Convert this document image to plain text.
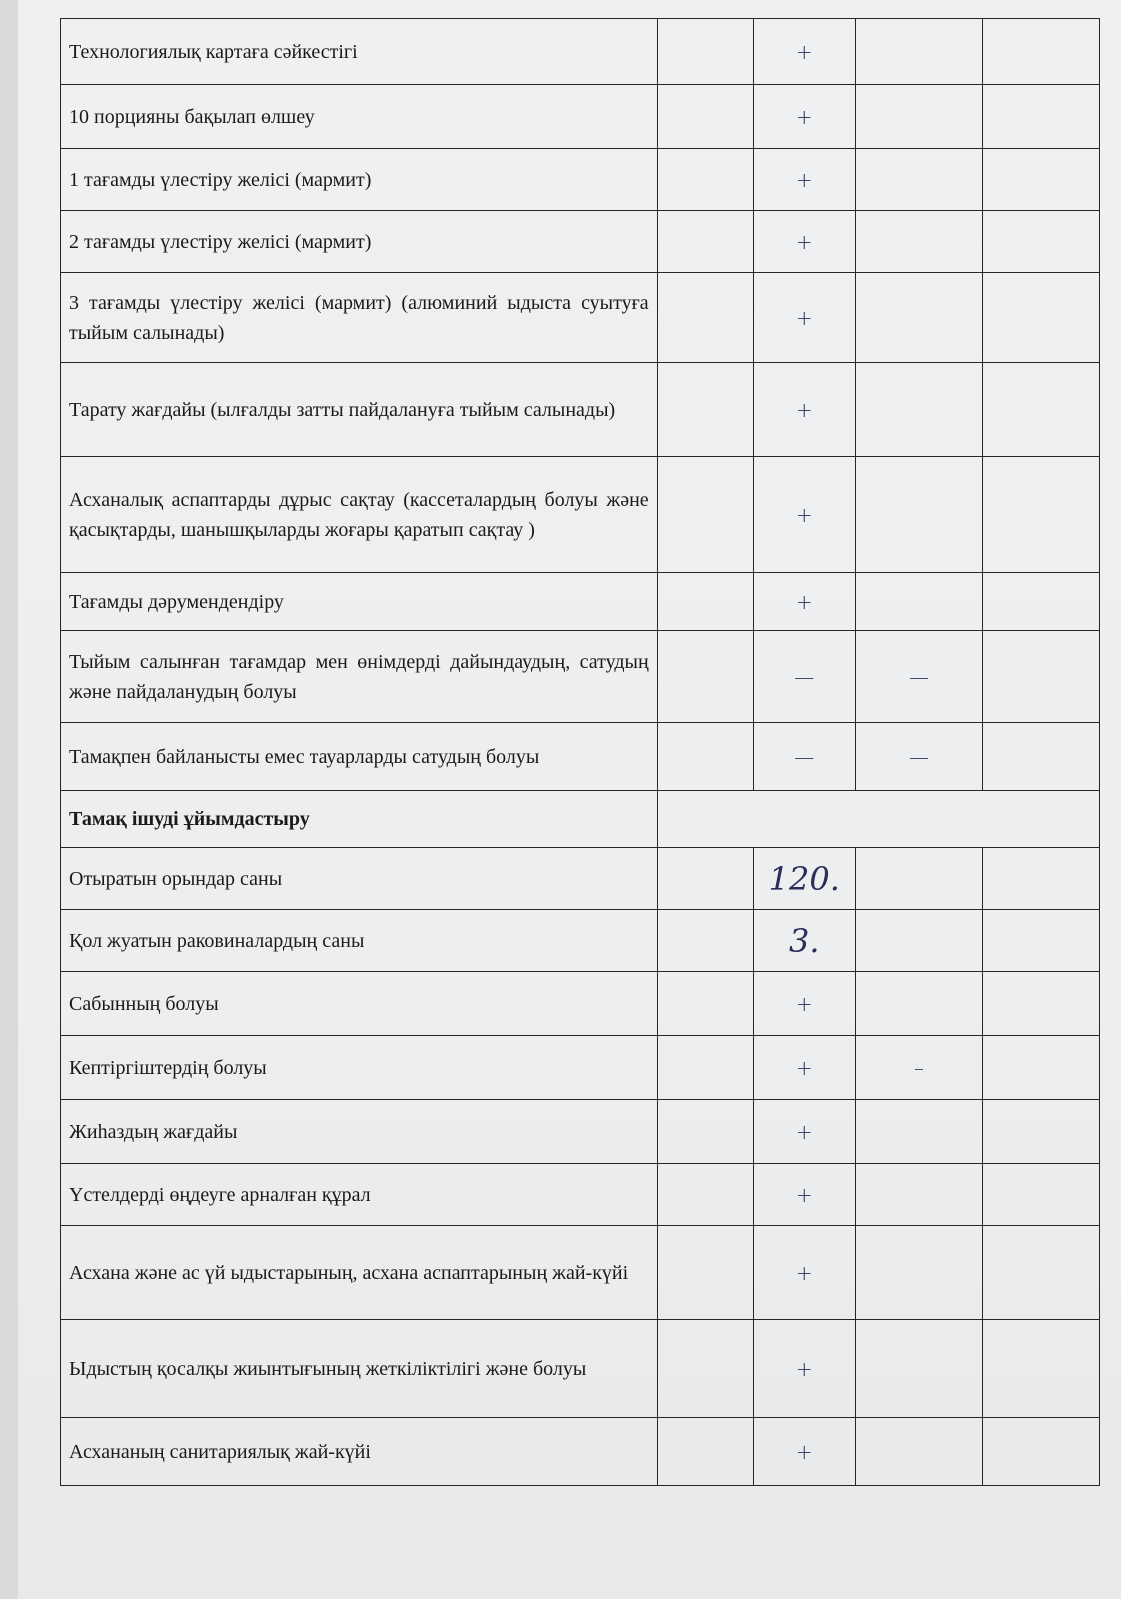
Технологиялық картаға сәйкестігі		+		
10 порцияны бақылап өлшеу		+		
1 тағамды үлестіру желісі (мармит)		+		
2 тағамды үлестіру желісі (мармит)		+		
3 тағамды үлестіру желісі (мармит) (алюминий ыдыста суытуға тыйым салынады)		+		
Тарату жағдайы (ылғалды затты пайдалануға тыйым салынады)		+		
Асханалық аспаптарды дұрыс сақтау (кассеталардың болуы және қасықтарды, шанышқыларды жоғары қаратып сақтау )		+		
Тағамды дәрумендендіру		+		
Тыйым салынған тағамдар мен өнімдерді дайындаудың, сатудың және пайдаланудың болуы		—	—	
Тамақпен байланысты емес тауарларды сатудың болуы		—	—	
Тамақ ішуді ұйымдастыру				
Отыратын орындар саны		120.		
Қол жуатын раковиналардың саны		3.		
Сабынның болуы		+		
Кептіргіштердің болуы		+	–	
Жиһаздың жағдайы		+		
Үстелдерді өңдеуге арналған құрал		+		
Асхана және ас үй ыдыстарының, асхана аспаптарының жай-күйі		+		
Ыдыстың қосалқы жиынтығының жеткіліктілігі және болуы		+		
Асхананың санитариялық жай-күйі		+		
